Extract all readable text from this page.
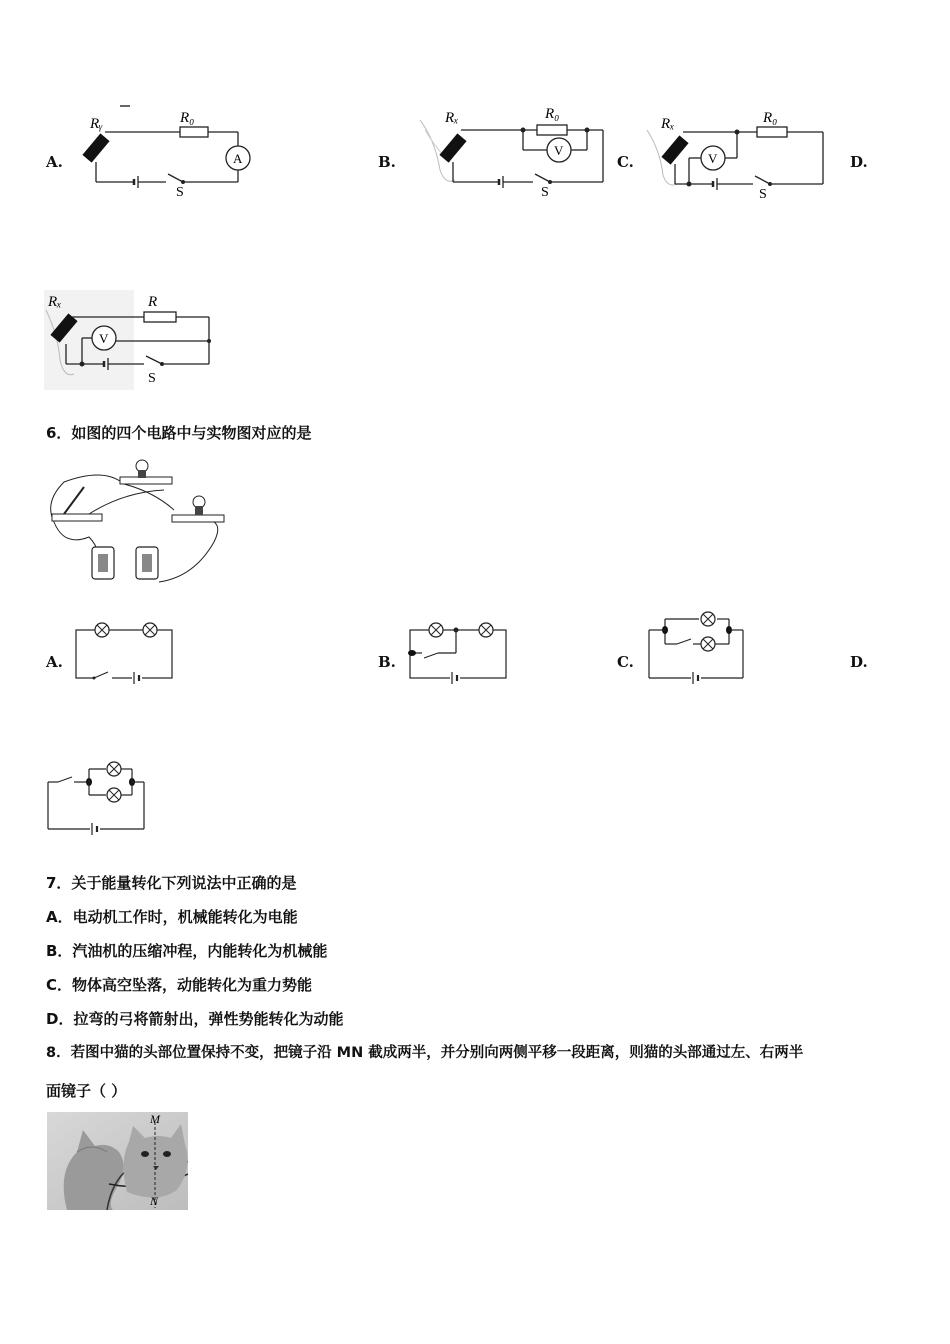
A.	B.	C.	D.
Rᵧ	R₀
A
S
Rₓ	R₀
V
S
Rₓ	R₀
V
S
Rₓ	R
V
S
6．如图的四个电路中与实物图对应的是
A.	B.	C.	D.
7．关于能量转化下列说法中正确的是
A．电动机工作时，机械能转化为电能
B．汽油机的压缩冲程，内能转化为机械能
C．物体高空坠落，动能转化为重力势能
D．拉弯的弓将箭射出，弹性势能转化为动能
8．若图中猫的头部位置保持不变，把镜子沿 MN 截成两半，并分别向两侧平移一段距离，则猫的头部通过左、右两半
面镜子（ ）
M
N
